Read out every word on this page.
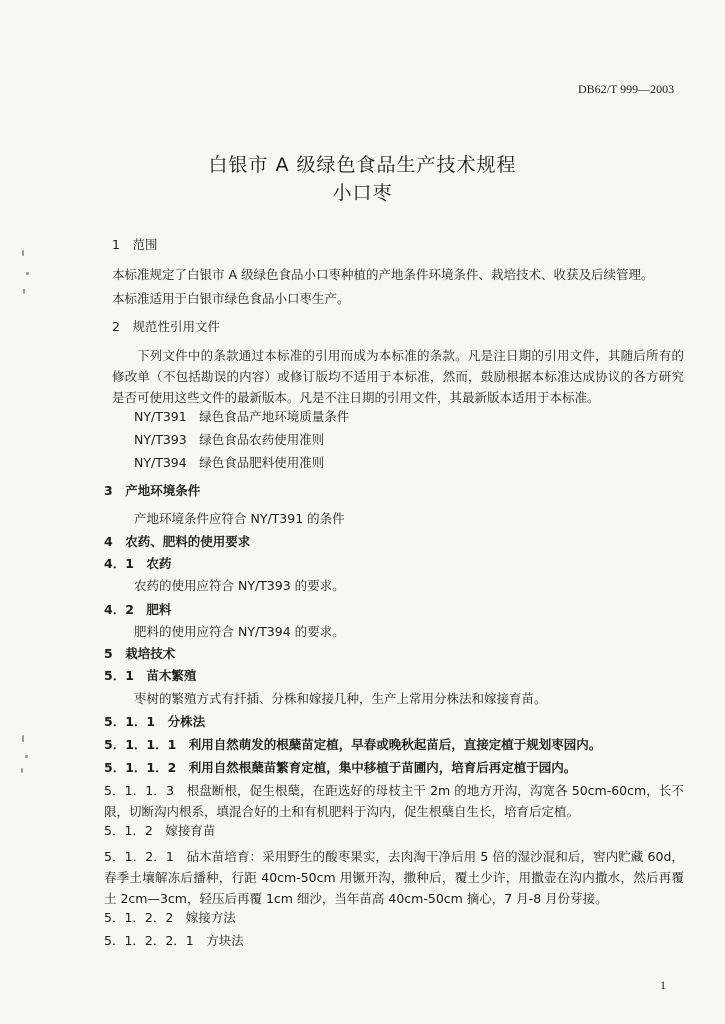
DB62/T 999—2003
白银市 A 级绿色食品生产技术规程
小口枣
1　范围
本标准规定了白银市 A 级绿色食品小口枣种植的产地条件环境条件、栽培技术、收获及后续管理。
本标准适用于白银市绿色食品小口枣生产。
2　规范性引用文件
下列文件中的条款通过本标准的引用而成为本标准的条款。凡是注日期的引用文件，其随后所有的修改单（不包括勘误的内容）或修订版均不适用于本标准，然而，鼓励根据本标准达成协议的各方研究是否可使用这些文件的最新版本。凡是不注日期的引用文件，其最新版本适用于本标准。
NY/T391　绿色食品产地环境质量条件
NY/T393　绿色食品农药使用准则
NY/T394　绿色食品肥料使用准则
3　产地环境条件
产地环境条件应符合 NY/T391 的条件
4　农药、肥料的使用要求
4．1　农药
农药的使用应符合 NY/T393 的要求。
4．2　肥料
肥料的使用应符合 NY/T394 的要求。
5　栽培技术
5．1　苗木繁殖
枣树的繁殖方式有扦插、分株和嫁接几种，生产上常用分株法和嫁接育苗。
5．1．1　分株法
5．1．1．1　利用自然萌发的根蘖苗定植，早春或晚秋起苗后，直接定植于规划枣园内。
5．1．1．2　利用自然根蘖苗繁育定植，集中移植于苗圃内，培育后再定植于园内。
5．1．1．3　根盘断根，促生根蘖，在距选好的母枝主干 2m 的地方开沟，沟宽各 50cm-60cm，长不限，切断沟内根系，填混合好的土和有机肥料于沟内，促生根蘖自生长，培育后定植。
5．1．2　嫁接育苗
5．1．2．1　砧木苗培育：采用野生的酸枣果实，去肉淘干净后用 5 倍的湿沙混和后，窖内贮藏 60d，春季土壤解冻后播种，行距 40cm-50cm 用镢开沟，撒种后，覆土少许，用撒壶在沟内撒水，然后再覆土 2cm—3cm，轻压后再覆 1cm 细沙，当年苗高 40cm-50cm 摘心，7 月-8 月份芽接。
5．1．2．2　嫁接方法
5．1．2．2．1　方块法
1
